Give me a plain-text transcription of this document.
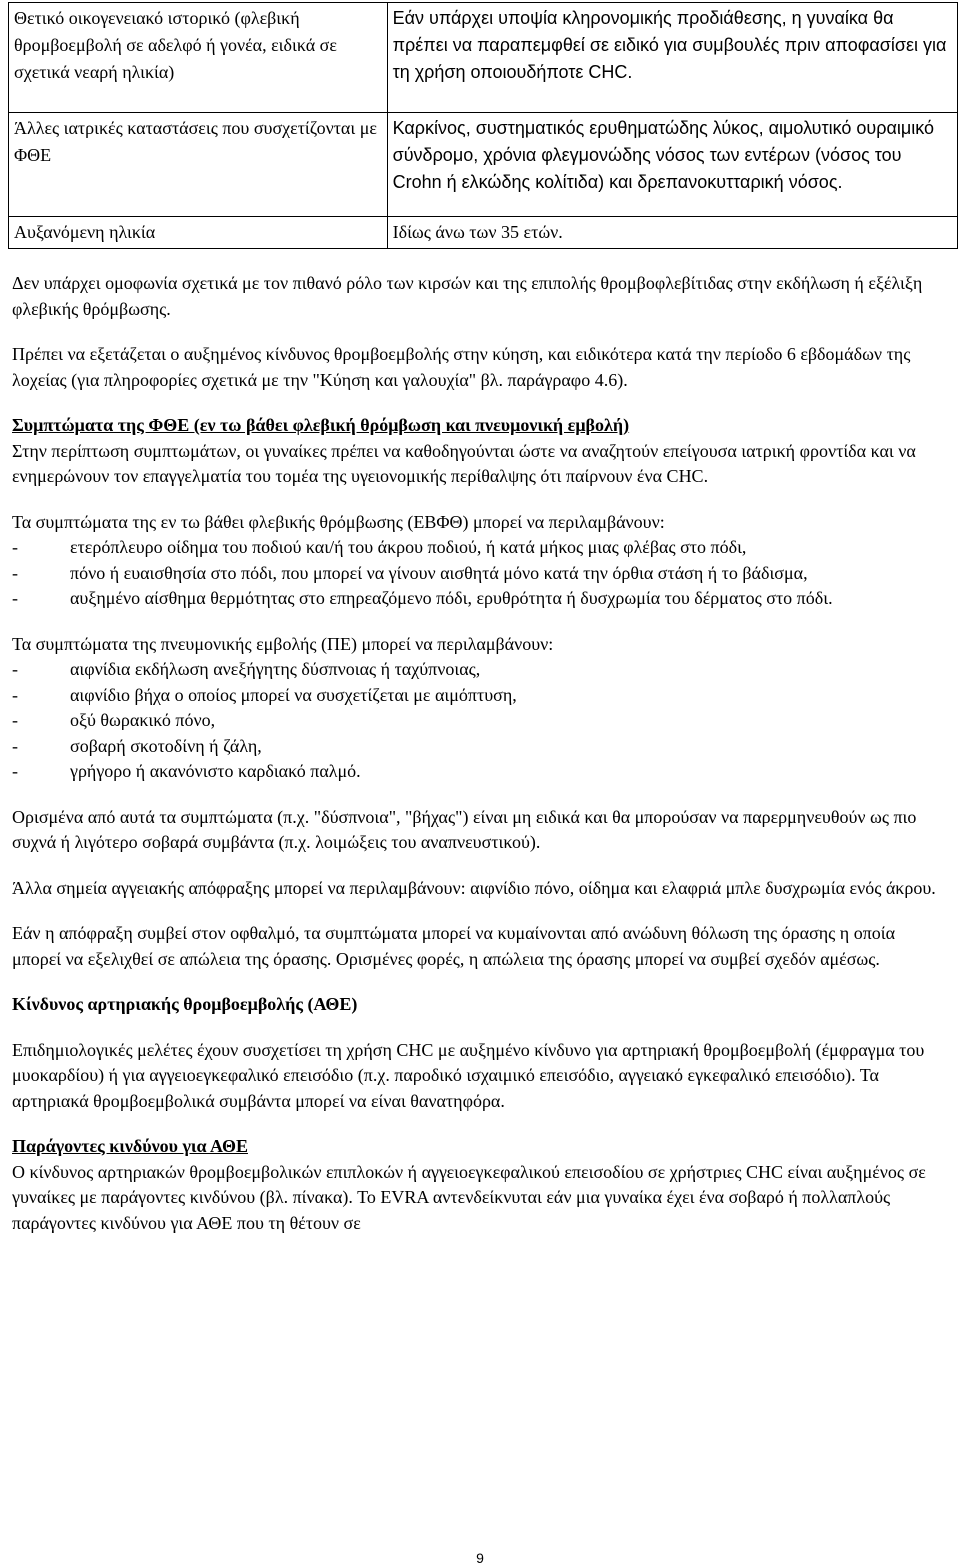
Θετικό οικογενειακό ιστορικό (φλεβική θρομβοεμβολή σε αδελφό ή γονέα, ειδικά σε σχετικά νεαρή ηλικία)	Εάν υπάρχει υποψία κληρονομικής προδιάθεσης, η γυναίκα θα πρέπει να παραπεμφθεί σε ειδικό για συμβουλές πριν αποφασίσει για τη χρήση οποιουδήποτε CHC.
Άλλες ιατρικές καταστάσεις που συσχετίζονται με ΦΘΕ	Καρκίνος, συστηματικός ερυθηματώδης λύκος, αιμολυτικό ουραιμικό σύνδρομο, χρόνια φλεγμονώδης νόσος των εντέρων (νόσος του Crohn ή ελκώδης κολίτιδα) και δρεπανοκυτταρική νόσος.
Αυξανόμενη ηλικία	Ιδίως άνω των 35 ετών.

Δεν υπάρχει ομοφωνία σχετικά με τον πιθανό ρόλο των κιρσών και της επιπολής θρομβοφλεβίτιδας στην εκδήλωση ή εξέλιξη φλεβικής θρόμβωσης.

Πρέπει να εξετάζεται ο αυξημένος κίνδυνος θρομβοεμβολής στην κύηση, και ειδικότερα κατά την περίοδο 6 εβδομάδων της λοχείας (για πληροφορίες σχετικά με την "Κύηση και γαλουχία" βλ. παράγραφο 4.6).

Συμπτώματα της ΦΘΕ (εν τω βάθει φλεβική θρόμβωση και πνευμονική εμβολή)

Στην περίπτωση συμπτωμάτων, οι γυναίκες πρέπει να καθοδηγούνται ώστε να αναζητούν επείγουσα ιατρική φροντίδα και να ενημερώνουν τον επαγγελματία του τομέα της υγειονομικής περίθαλψης ότι παίρνουν ένα CHC.

Τα συμπτώματα της εν τω βάθει φλεβικής θρόμβωσης (ΕΒΦΘ) μπορεί να περιλαμβάνουν:

- ετερόπλευρο οίδημα του ποδιού και/ή του άκρου ποδιού, ή κατά μήκος μιας φλέβας στο πόδι,
- πόνο ή ευαισθησία στο πόδι, που μπορεί να γίνουν αισθητά μόνο κατά την όρθια στάση ή το βάδισμα,
- αυξημένο αίσθημα θερμότητας στο επηρεαζόμενο πόδι, ερυθρότητα ή δυσχρωμία του δέρματος στο πόδι.

Τα συμπτώματα της πνευμονικής εμβολής (ΠΕ) μπορεί να περιλαμβάνουν:

- αιφνίδια εκδήλωση ανεξήγητης δύσπνοιας ή ταχύπνοιας,
- αιφνίδιο βήχα ο οποίος μπορεί να συσχετίζεται με αιμόπτυση,
- οξύ θωρακικό πόνο,
- σοβαρή σκοτοδίνη ή ζάλη,
- γρήγορο ή ακανόνιστο καρδιακό παλμό.

Ορισμένα από αυτά τα συμπτώματα (π.χ. "δύσπνοια", "βήχας") είναι μη ειδικά και θα μπορούσαν να παρερμηνευθούν ως πιο συχνά ή λιγότερο σοβαρά συμβάντα (π.χ. λοιμώξεις του αναπνευστικού).

Άλλα σημεία αγγειακής απόφραξης μπορεί να περιλαμβάνουν: αιφνίδιο πόνο, οίδημα και ελαφριά μπλε δυσχρωμία ενός άκρου.

Εάν η απόφραξη συμβεί στον οφθαλμό, τα συμπτώματα μπορεί να κυμαίνονται από ανώδυνη θόλωση της όρασης η οποία μπορεί να εξελιχθεί σε απώλεια της όρασης. Ορισμένες φορές, η απώλεια της όρασης μπορεί να συμβεί σχεδόν αμέσως.

Κίνδυνος αρτηριακής θρομβοεμβολής (ΑΘΕ)

Επιδημιολογικές μελέτες έχουν συσχετίσει τη χρήση CHC με αυξημένο κίνδυνο για αρτηριακή θρομβοεμβολή (έμφραγμα του μυοκαρδίου) ή για αγγειοεγκεφαλικό επεισόδιο (π.χ. παροδικό ισχαιμικό επεισόδιο, αγγειακό εγκεφαλικό επεισόδιο). Τα αρτηριακά θρομβοεμβολικά συμβάντα μπορεί να είναι θανατηφόρα.

Παράγοντες κινδύνου για ΑΘΕ

Ο κίνδυνος αρτηριακών θρομβοεμβολικών επιπλοκών ή αγγειοεγκεφαλικού επεισοδίου σε χρήστριες CHC είναι αυξημένος σε γυναίκες με παράγοντες κινδύνου (βλ. πίνακα). Το EVRA αντενδείκνυται εάν μια γυναίκα έχει ένα σοβαρό ή πολλαπλούς παράγοντες κινδύνου για ΑΘΕ που τη θέτουν σε

9
